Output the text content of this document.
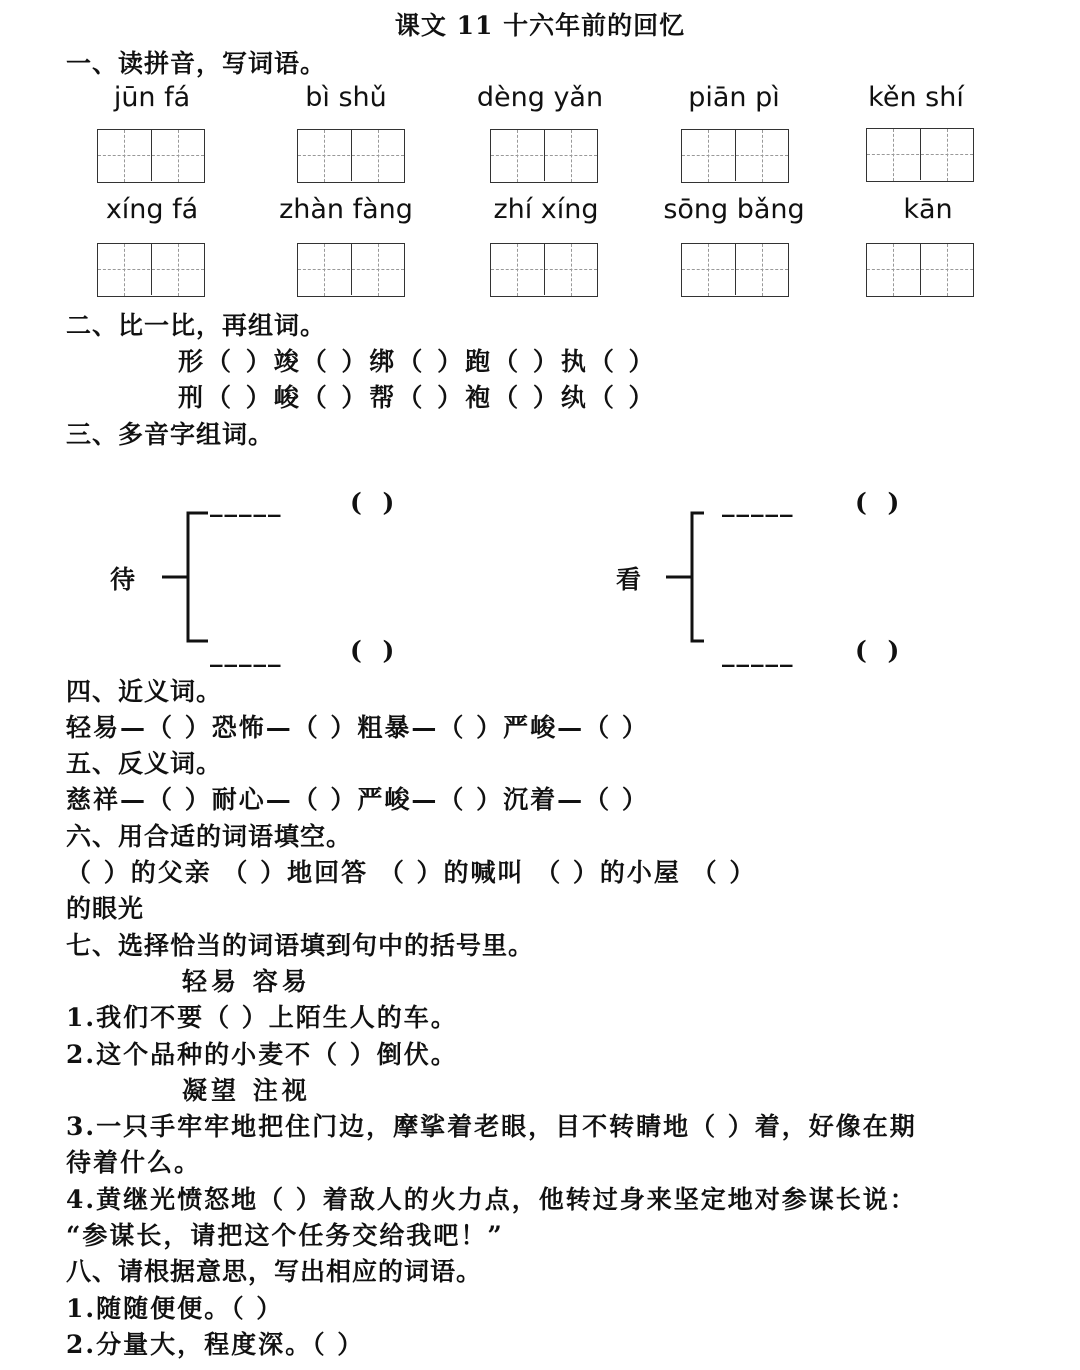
课文 11 十六年前的回忆
一、读拼音，写词语。
jūn fá	bì shǔ	dèng yǎn	piān pì	kěn shí
xíng fá	zhàn fàng	zhí xíng	sōng bǎng	kān
二、比一比，再组词。
形（ ）竣（ ）绑（ ）跑（ ）执（ ）
刑（ ）峻（ ）帮（ ）袍（ ）纨（ ）
三、多音字组词。
待
_____	( )
_____	( )
看
_____ ( )
_____ ( )
四、近义词。
轻易—（ ）恐怖—（ ）粗暴—（ ）严峻—（ ）
五、反义词。
慈祥—（ ）耐心—（ ）严峻—（ ）沉着—（ ）
六、用合适的词语填空。
（ ）的父亲 （ ）地回答 （ ）的喊叫 （ ）的小屋 （ ）
的眼光
七、选择恰当的词语填到句中的括号里。
轻易 容易
1.我们不要（ ）上陌生人的车。
2.这个品种的小麦不（ ）倒伏。
凝望 注视
3.一只手牢牢地把住门边，摩挲着老眼，目不转睛地（ ）着，好像在期
待着什么。
4.黄继光愤怒地（ ）着敌人的火力点，他转过身来坚定地对参谋长说：
“参谋长，请把这个任务交给我吧！”
八、请根据意思，写出相应的词语。
1.随随便便。（ ）
2.分量大，程度深。（ ）
